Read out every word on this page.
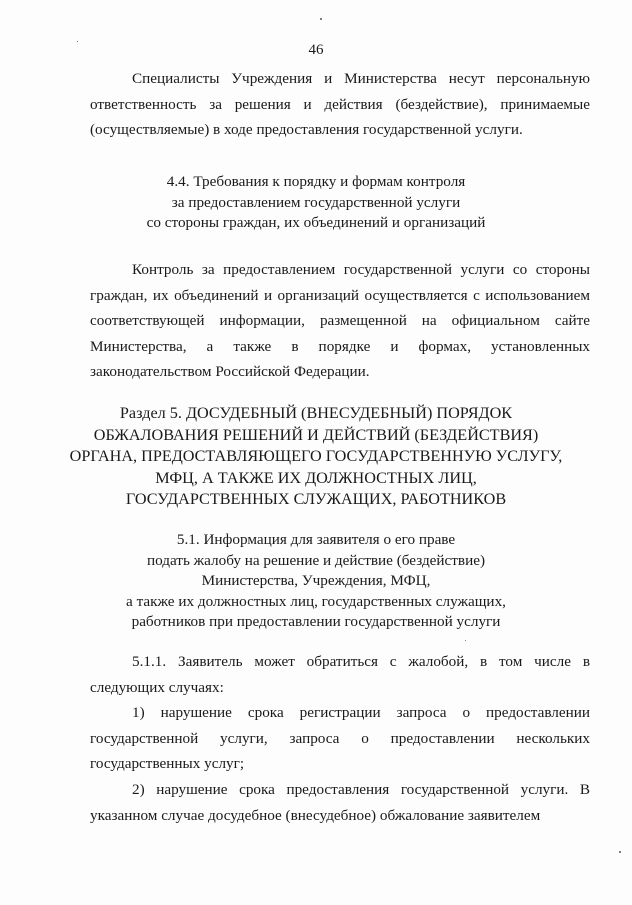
46

Специалисты Учреждения и Министерства несут персональную ответственность за решения и действия (бездействие), принимаемые (осуществляемые) в ходе предоставления государственной услуги.

4.4. Требования к порядку и формам контроля
за предоставлением государственной услуги
со стороны граждан, их объединений и организаций

Контроль за предоставлением государственной услуги со стороны граждан, их объединений и организаций осуществляется с использованием соответствующей информации, размещенной на официальном сайте Министерства, а также в порядке и формах, установленных законодательством Российской Федерации.

Раздел 5. ДОСУДЕБНЫЙ (ВНЕСУДЕБНЫЙ) ПОРЯДОК
ОБЖАЛОВАНИЯ РЕШЕНИЙ И ДЕЙСТВИЙ (БЕЗДЕЙСТВИЯ)
ОРГАНА, ПРЕДОСТАВЛЯЮЩЕГО ГОСУДАРСТВЕННУЮ УСЛУГУ,
МФЦ, А ТАКЖЕ ИХ ДОЛЖНОСТНЫХ ЛИЦ,
ГОСУДАРСТВЕННЫХ СЛУЖАЩИХ, РАБОТНИКОВ
5.1. Информация для заявителя о его праве
подать жалобу на решение и действие (бездействие)
Министерства, Учреждения, МФЦ,
а также их должностных лиц, государственных служащих,
работников при предоставлении государственной услуги

5.1.1. Заявитель может обратиться с жалобой, в том числе в следующих случаях:

1) нарушение срока регистрации запроса о предоставлении государственной услуги, запроса о предоставлении нескольких государственных услуг;

2) нарушение срока предоставления государственной услуги. В указанном случае досудебное (внесудебное) обжалование заявителем
